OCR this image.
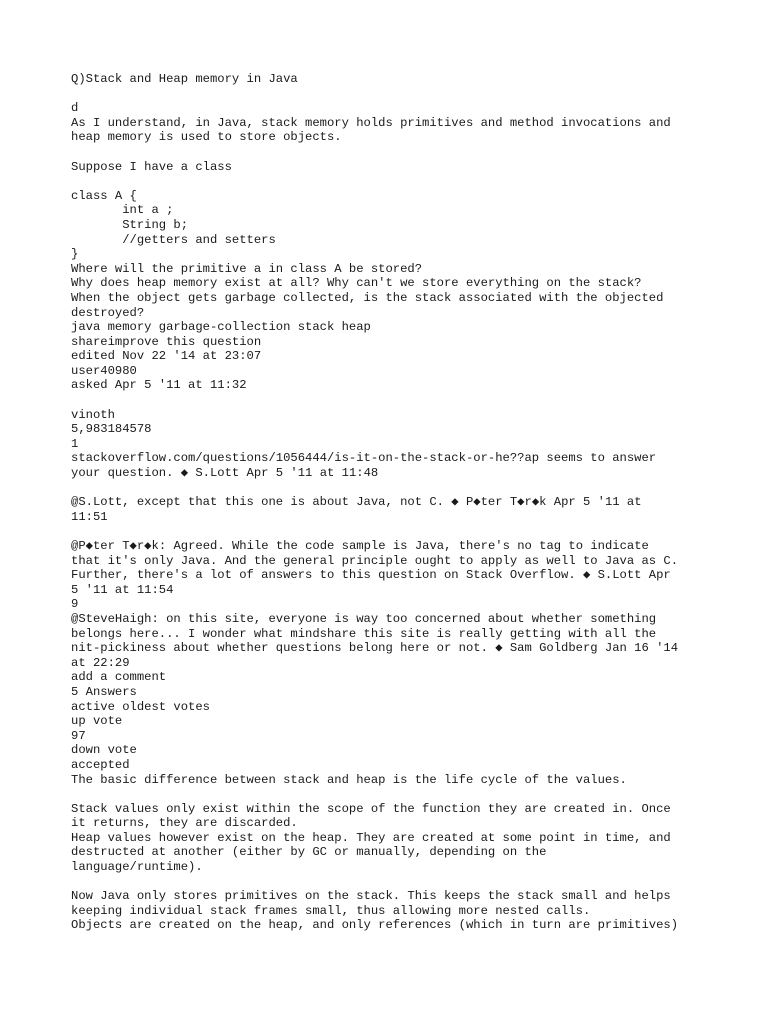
Q)Stack and Heap memory in Java
d
As I understand, in Java, stack memory holds primitives and method invocations and
heap memory is used to store objects.
Suppose I have a class
class A {
int a ;
String b;
//getters and setters
}
Where will the primitive a in class A be stored?
Why does heap memory exist at all? Why can't we store everything on the stack?
When the object gets garbage collected, is the stack associated with the objected
destroyed?
java memory garbage-collection stack heap
shareimprove this question
edited Nov 22 '14 at 23:07
user40980
asked Apr 5 '11 at 11:32
vinoth
5,983184578
1
stackoverflow.com/questions/1056444/is-it-on-the-stack-or-he??ap seems to answer
your question. ◆ S.Lott Apr 5 '11 at 11:48
@S.Lott, except that this one is about Java, not C. ◆ P◆ter T◆r◆k Apr 5 '11 at
11:51
@P◆ter T◆r◆k: Agreed. While the code sample is Java, there's no tag to indicate
that it's only Java. And the general principle ought to apply as well to Java as C.
Further, there's a lot of answers to this question on Stack Overflow. ◆ S.Lott Apr
5 '11 at 11:54
9
@SteveHaigh: on this site, everyone is way too concerned about whether something
belongs here... I wonder what mindshare this site is really getting with all the
nit-pickiness about whether questions belong here or not. ◆ Sam Goldberg Jan 16 '14
at 22:29
add a comment
5 Answers
active oldest votes
up vote
97
down vote
accepted
The basic difference between stack and heap is the life cycle of the values.
Stack values only exist within the scope of the function they are created in. Once
it returns, they are discarded.
Heap values however exist on the heap. They are created at some point in time, and
destructed at another (either by GC or manually, depending on the
language/runtime).
Now Java only stores primitives on the stack. This keeps the stack small and helps
keeping individual stack frames small, thus allowing more nested calls.
Objects are created on the heap, and only references (which in turn are primitives)
